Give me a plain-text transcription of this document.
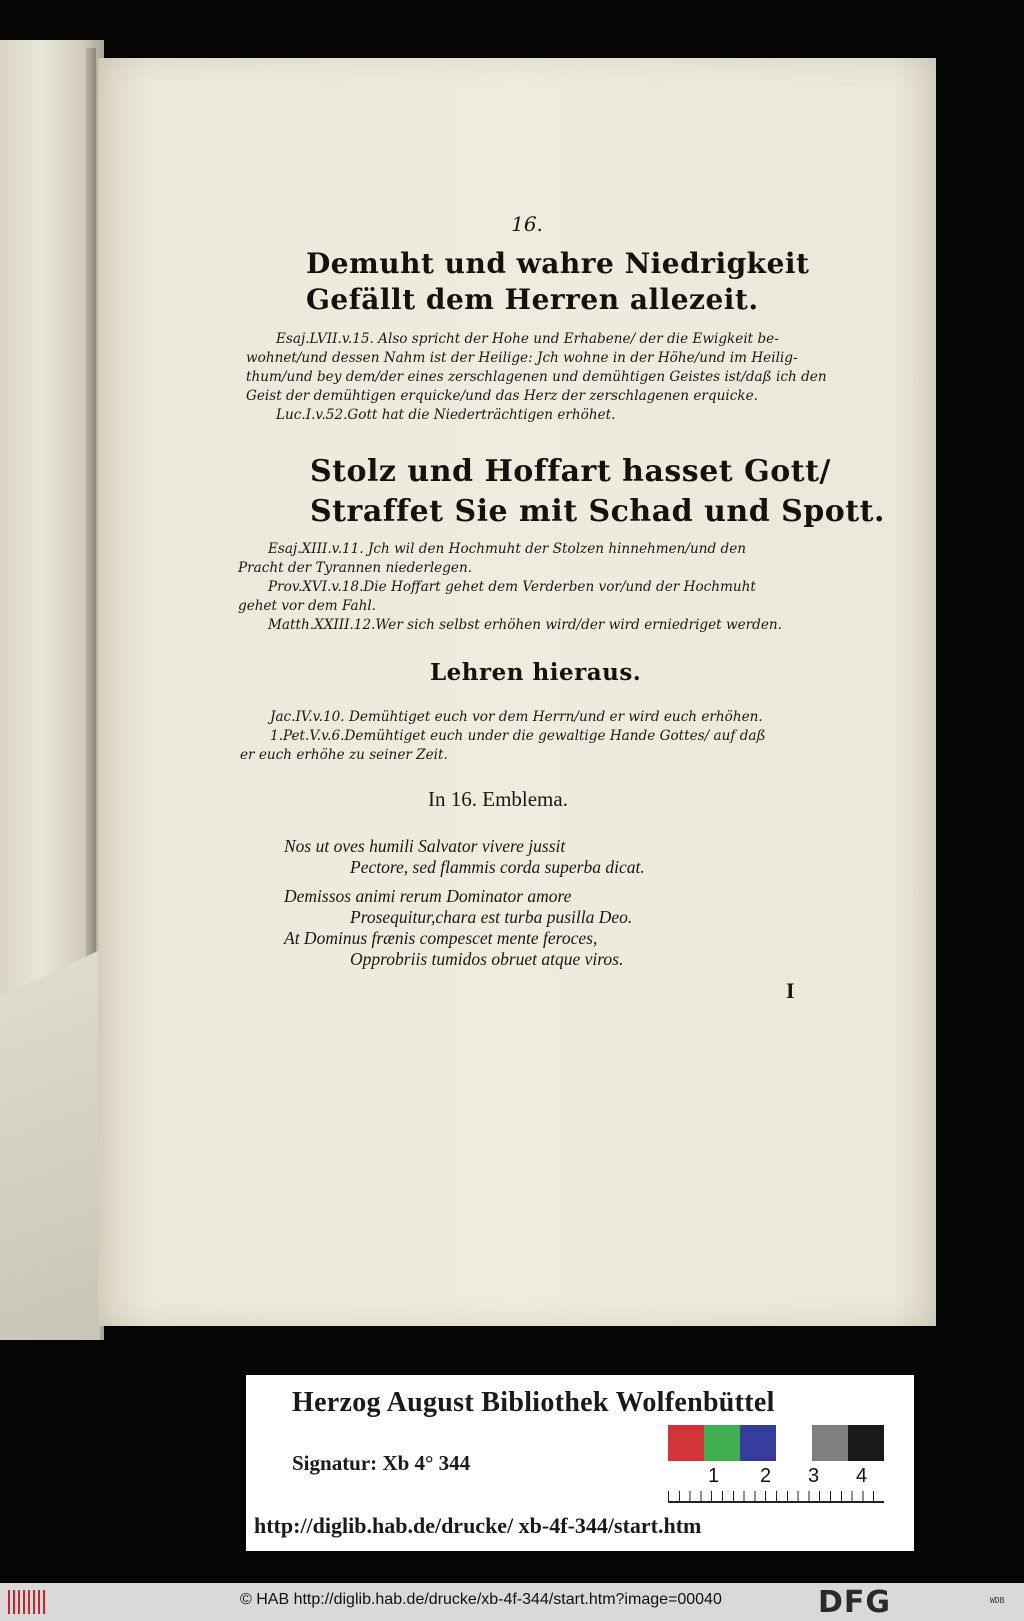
16.
Demuht und wahre Niedrigkeit
Gefällt dem Herren allezeit.
Esaj.LVII.v.15. Also spricht der Hohe und Erhabene/ der die Ewigkeit be-
wohnet/und dessen Nahm ist der Heilige: Jch wohne in der Höhe/und im Heilig-
thum/und bey dem/der eines zerschlagenen und demühtigen Geistes ist/daß ich den
Geist der demühtigen erquicke/und das Herz der zerschlagenen erquicke.
Luc.I.v.52.Gott hat die Niederträchtigen erhöhet.
Stolz und Hoffart hasset Gott/
Straffet Sie mit Schad und Spott.
Esaj.XIII.v.11. Jch wil den Hochmuht der Stolzen hinnehmen/und den
Pracht der Tyrannen niederlegen.
Prov.XVI.v.18.Die Hoffart gehet dem Verderben vor/und der Hochmuht
gehet vor dem Fahl.
Matth.XXIII.12.Wer sich selbst erhöhen wird/der wird erniedriget werden.
Lehren hieraus.
Jac.IV.v.10. Demühtiget euch vor dem Herrn/und er wird euch erhöhen.
1.Pet.V.v.6.Demühtiget euch under die gewaltige Hande Gottes/ auf daß
er euch erhöhe zu seiner Zeit.
In 16. Emblema.
Nos ut oves humili Salvator vivere jussit
Pectore, sed flammis corda superba dicat.
Demissos animi rerum Dominator amore
Prosequitur,chara est turba pusilla Deo.
At Dominus frænis compescet mente feroces,
Opprobriis tumidos obruet atque viros.
I
Herzog August Bibliothek Wolfenbüttel
1 2 3 4
Signatur: Xb 4° 344
http://diglib.hab.de/drucke/ xb-4f-344/start.htm
© HAB http://diglib.hab.de/drucke/xb-4f-344/start.htm?image=00040	DFG	WDB
